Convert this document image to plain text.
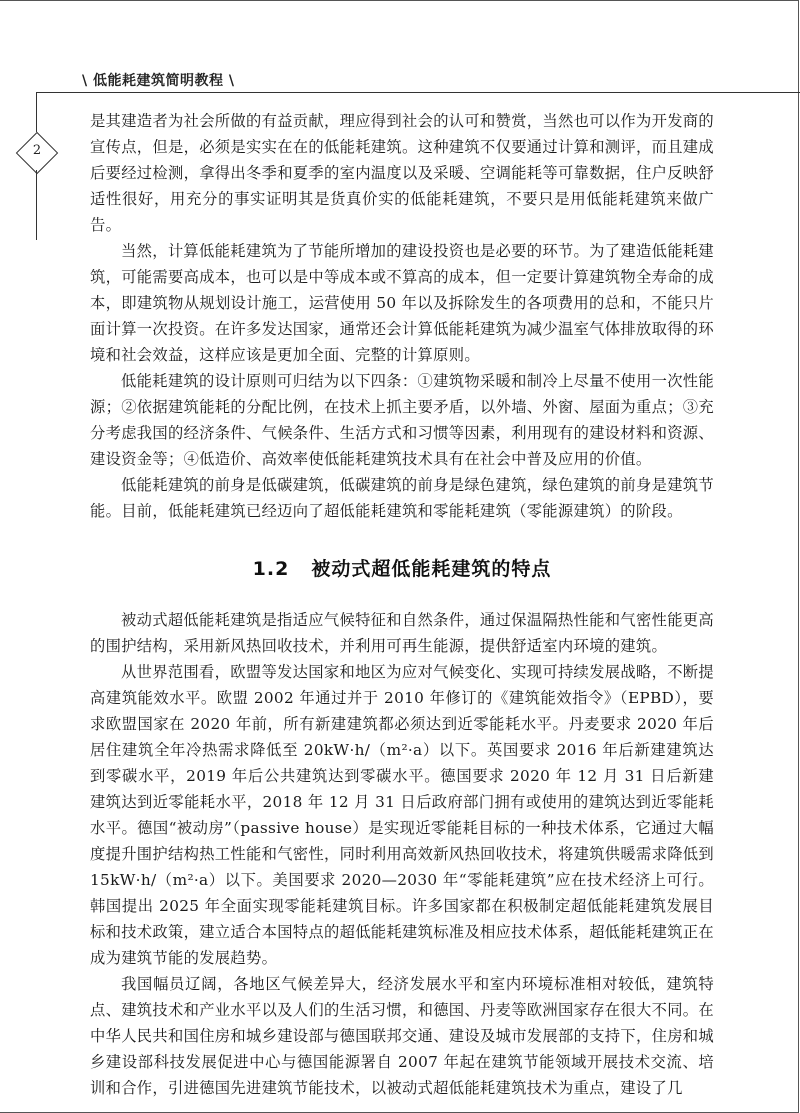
\ 低能耗建筑简明教程 \
2

是其建造者为社会所做的有益贡献，理应得到社会的认可和赞赏，当然也可以作为开发商的宣传点，但是，必须是实实在在的低能耗建筑。这种建筑不仅要通过计算和测评，而且建成后要经过检测，拿得出冬季和夏季的室内温度以及采暖、空调能耗等可靠数据，住户反映舒适性很好，用充分的事实证明其是货真价实的低能耗建筑，不要只是用低能耗建筑来做广告。

当然，计算低能耗建筑为了节能所增加的建设投资也是必要的环节。为了建造低能耗建筑，可能需要高成本，也可以是中等成本或不算高的成本，但一定要计算建筑物全寿命的成本，即建筑物从规划设计施工，运营使用 50 年以及拆除发生的各项费用的总和，不能只片面计算一次投资。在许多发达国家，通常还会计算低能耗建筑为减少温室气体排放取得的环境和社会效益，这样应该是更加全面、完整的计算原则。

低能耗建筑的设计原则可归结为以下四条：①建筑物采暖和制冷上尽量不使用一次性能源；②依据建筑能耗的分配比例，在技术上抓主要矛盾，以外墙、外窗、屋面为重点；③充分考虑我国的经济条件、气候条件、生活方式和习惯等因素，利用现有的建设材料和资源、建设资金等；④低造价、高效率使低能耗建筑技术具有在社会中普及应用的价值。

低能耗建筑的前身是低碳建筑，低碳建筑的前身是绿色建筑，绿色建筑的前身是建筑节能。目前，低能耗建筑已经迈向了超低能耗建筑和零能耗建筑（零能源建筑）的阶段。

1.2 被动式超低能耗建筑的特点

被动式超低能耗建筑是指适应气候特征和自然条件，通过保温隔热性能和气密性能更高的围护结构，采用新风热回收技术，并利用可再生能源，提供舒适室内环境的建筑。

从世界范围看，欧盟等发达国家和地区为应对气候变化、实现可持续发展战略，不断提高建筑能效水平。欧盟 2002 年通过并于 2010 年修订的《建筑能效指令》（EPBD），要求欧盟国家在 2020 年前，所有新建建筑都必须达到近零能耗水平。丹麦要求 2020 年后居住建筑全年冷热需求降低至 20kW·h/（m²·a）以下。英国要求 2016 年后新建建筑达到零碳水平，2019 年后公共建筑达到零碳水平。德国要求 2020 年 12 月 31 日后新建建筑达到近零能耗水平，2018 年 12 月 31 日后政府部门拥有或使用的建筑达到近零能耗水平。德国“被动房”（passive house）是实现近零能耗目标的一种技术体系，它通过大幅度提升围护结构热工性能和气密性，同时利用高效新风热回收技术，将建筑供暖需求降低到 15kW·h/（m²·a）以下。美国要求 2020—2030 年“零能耗建筑”应在技术经济上可行。韩国提出 2025 年全面实现零能耗建筑目标。许多国家都在积极制定超低能耗建筑发展目标和技术政策，建立适合本国特点的超低能耗建筑标准及相应技术体系，超低能耗建筑正在成为建筑节能的发展趋势。

我国幅员辽阔，各地区气候差异大，经济发展水平和室内环境标准相对较低，建筑特点、建筑技术和产业水平以及人们的生活习惯，和德国、丹麦等欧洲国家存在很大不同。在中华人民共和国住房和城乡建设部与德国联邦交通、建设及城市发展部的支持下，住房和城乡建设部科技发展促进中心与德国能源署自 2007 年起在建筑节能领域开展技术交流、培训和合作，引进德国先进建筑节能技术，以被动式超低能耗建筑技术为重点，建设了几
